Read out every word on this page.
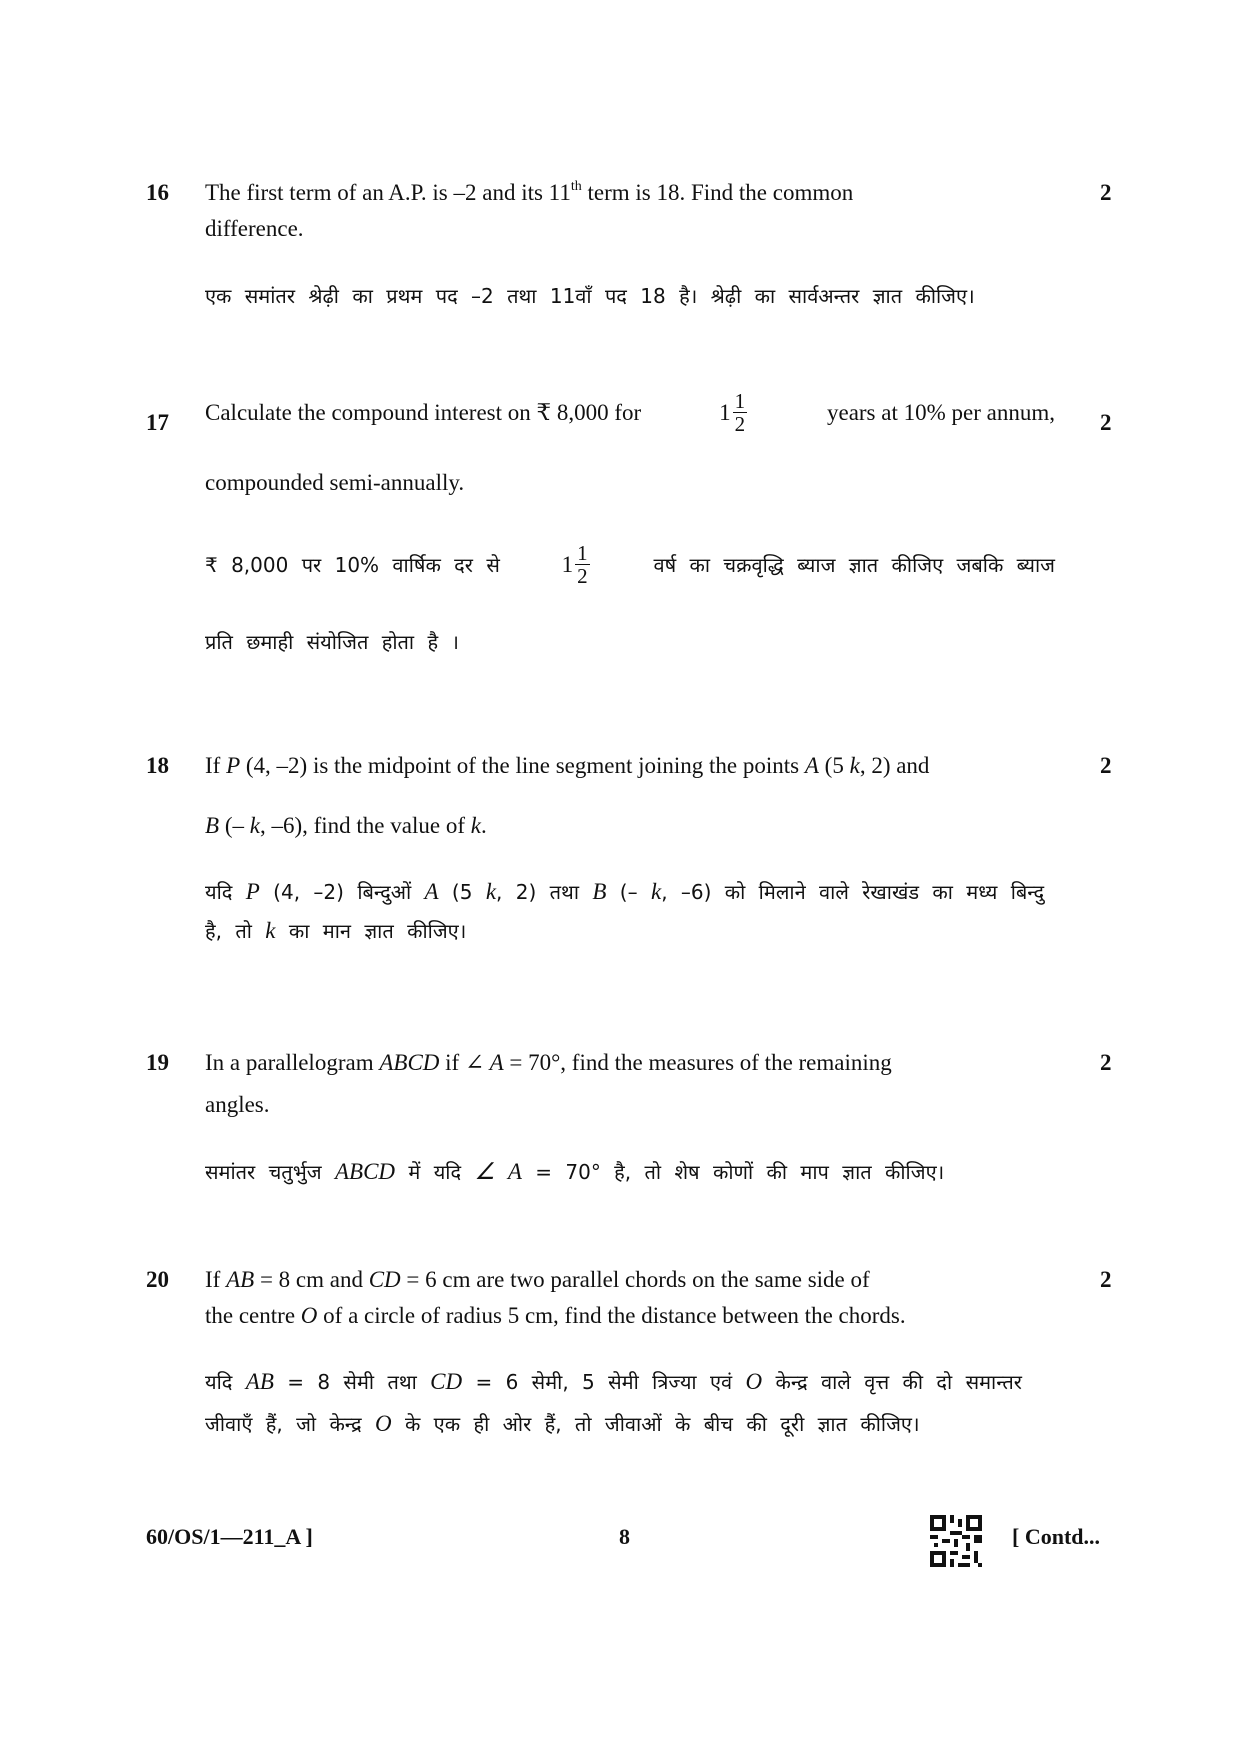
16	2
The first term of an A.P. is –2 and its 11th term is 18. Find the common
difference.
एक समांतर श्रेढ़ी का प्रथम पद –2 तथा 11वाँ पद 18 है। श्रेढ़ी का सार्वअन्तर ज्ञात कीजिए।
17	2
Calculate the compound interest on ₹ 8,000 for	$1 \frac{1}{2}$	years at 10% per annum,
compounded semi-annually.
₹ 8,000 पर 10% वार्षिक दर से	$1 \frac{1}{2}$	वर्ष का चक्रवृद्धि ब्याज ज्ञात कीजिए जबकि ब्याज
प्रति छमाही संयोजित होता है ।
18	2
If P (4, –2) is the midpoint of the line segment joining the points A (5 k, 2) and
B (– k, –6), find the value of k.
यदि P (4, –2) बिन्दुओं A (5 k, 2) तथा B (– k, –6) को मिलाने वाले रेखाखंड का मध्य बिन्दु
है, तो k का मान ज्ञात कीजिए।
19	2
In a parallelogram ABCD if ∠ A = 70°, find the measures of the remaining
angles.
समांतर चतुर्भुज ABCD में यदि ∠ A = 70° है, तो शेष कोणों की माप ज्ञात कीजिए।
20	2
If AB = 8 cm and CD = 6 cm are two parallel chords on the same side of
the centre O of a circle of radius 5 cm, find the distance between the chords.
यदि AB = 8 सेमी तथा CD = 6 सेमी, 5 सेमी त्रिज्या एवं O केन्द्र वाले वृत्त की दो समान्तर
जीवाएँ हैं, जो केन्द्र O के एक ही ओर हैं, तो जीवाओं के बीच की दूरी ज्ञात कीजिए।
60/OS/1—211_A ]	8	[ Contd...
